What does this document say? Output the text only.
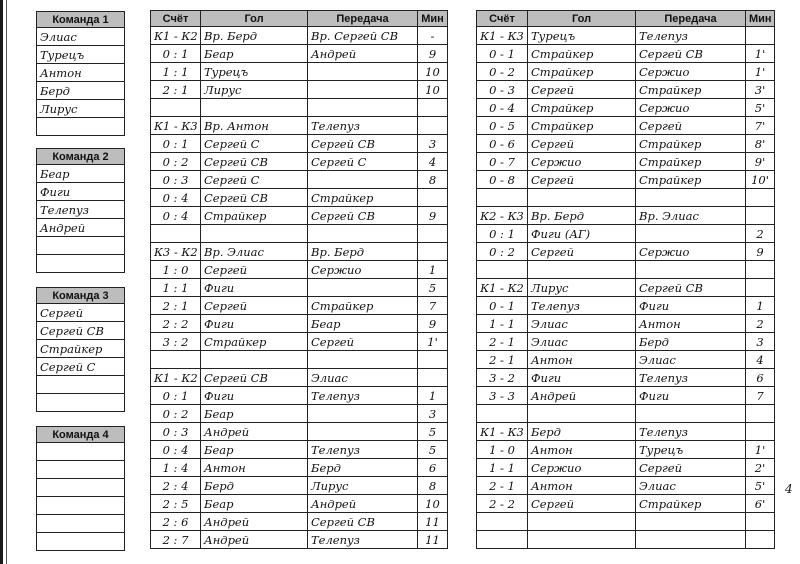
Команда 1
Элиас
Турецъ
Антон
Берд
Лирус

Команда 2
Беар
Фиги
Телепуз
Андрей

Команда 3
Сергей
Сергей СВ
Страйкер
Сергей С

Команда 4

Счёт	Гол	Передача	Мин
К1 - К2	Вр. Берд	Вр. Сергей СВ	-
0 : 1	Беар	Андрей	9
1 : 1	Турецъ		10
2 : 1	Лирус		10

К1 - К3	Вр. Антон	Телепуз	
0 : 1	Сергей С	Сергей СВ	3
0 : 2	Сергей СВ	Сергей С	4
0 : 3	Сергей С		8
0 : 4	Сергей СВ	Страйкер	
0 : 4	Страйкер	Сергей СВ	9

К3 - К2	Вр. Элиас	Вр. Берд	
1 : 0	Сергей	Сержио	1
1 : 1	Фиги		5
2 : 1	Сергей	Страйкер	7
2 : 2	Фиги	Беар	9
3 : 2	Страйкер	Сергей	1'

К1 - К2	Сергей СВ	Элиас	
0 : 1	Фиги	Телепуз	1
0 : 2	Беар		3
0 : 3	Андрей		5
0 : 4	Беар	Телепуз	5
1 : 4	Антон	Берд	6
2 : 4	Берд	Лирус	8
2 : 5	Беар	Андрей	10
2 : 6	Андрей	Сергей СВ	11
2 : 7	Андрей	Телепуз	11
Счёт	Гол	Передача	Мин
К1 - К3	Турецъ	Телепуз	
0 - 1	Страйкер	Сергей СВ	1'
0 - 2	Страйкер	Сержио	1'
0 - 3	Сергей	Страйкер	3'
0 - 4	Страйкер	Сержио	5'
0 - 5	Страйкер	Сергей	7'
0 - 6	Сергей	Страйкер	8'
0 - 7	Сержио	Страйкер	9'
0 - 8	Сергей	Страйкер	10'

К2 - К3	Вр. Берд	Вр. Элиас	
0 : 1	Фиги (АГ)		2
0 : 2	Сергей	Сержио	9

К1 - К2	Лирус	Сергей СВ	
0 - 1	Телепуз	Фиги	1
1 - 1	Элиас	Антон	2
2 - 1	Элиас	Берд	3
2 - 1	Антон	Элиас	4
3 - 2	Фиги	Телепуз	6
3 - 3	Андрей	Фиги	7

К1 - К3	Берд	Телепуз	
1 - 0	Антон	Турецъ	1'
1 - 1	Сержио	Сергей	2'
2 - 1	Антон	Элиас	5'
2 - 2	Сергей	Страйкер	6'

4
